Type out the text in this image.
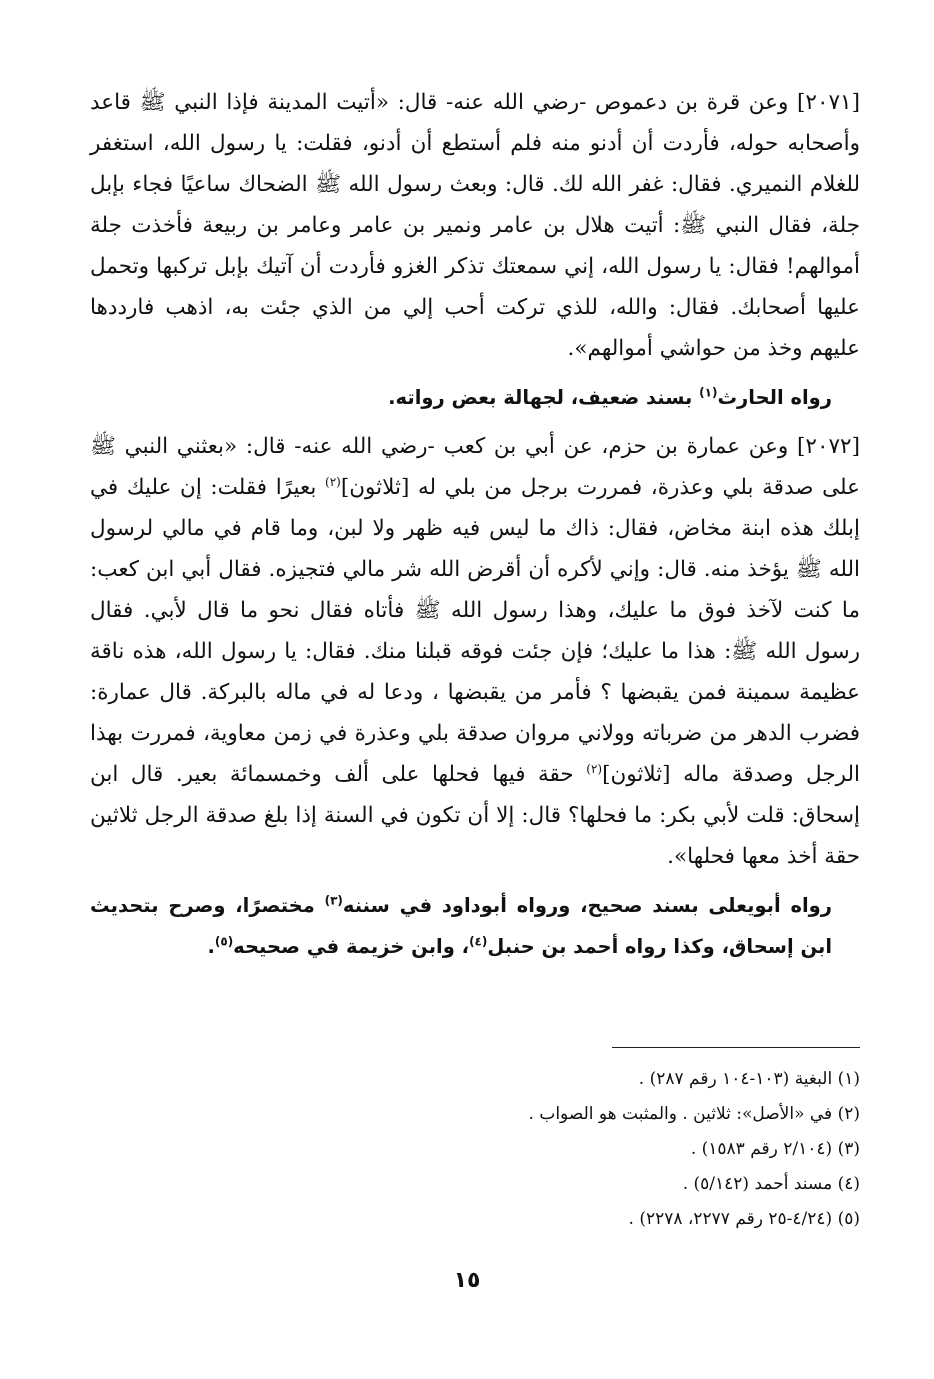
[٢٠٧١] وعن قرة بن دعموص -رضي الله عنه- قال: «أتيت المدينة فإذا النبي ﷺ قاعد وأصحابه حوله، فأردت أن أدنو منه فلم أستطع أن أدنو، فقلت: يا رسول الله، استغفر للغلام النميري. فقال: غفر الله لك. قال: وبعث رسول الله ﷺ الضحاك ساعيًا فجاء بإبل جلة، فقال النبي ﷺ: أتيت هلال بن عامر ونمير بن عامر وعامر بن ربيعة فأخذت جلة أموالهم! فقال: يا رسول الله، إني سمعتك تذكر الغزو فأردت أن آتيك بإبل تركبها وتحمل عليها أصحابك. فقال: والله، للذي تركت أحب إلي من الذي جئت به، اذهب فارددها عليهم وخذ من حواشي أموالهم».

رواه الحارث$^{(١)}$ بسند ضعيف، لجهالة بعض رواته.

[٢٠٧٢] وعن عمارة بن حزم، عن أبي بن كعب -رضي الله عنه- قال: «بعثني النبي ﷺ على صدقة بلي وعذرة، فمررت برجل من بلي له [ثلاثون]$^{(٢)}$ بعيرًا فقلت: إن عليك في إبلك هذه ابنة مخاض، فقال: ذاك ما ليس فيه ظهر ولا لبن، وما قام في مالي لرسول الله ﷺ يؤخذ منه. قال: وإني لأكره أن أقرض الله شر مالي فتجيزه. فقال أبي ابن كعب: ما كنت لآخذ فوق ما عليك، وهذا رسول الله ﷺ فأتاه فقال نحو ما قال لأبي. فقال رسول الله ﷺ: هذا ما عليك؛ فإن جئت فوقه قبلنا منك. فقال: يا رسول الله، هذه ناقة عظيمة سمينة فمن يقبضها ؟ فأمر من يقبضها ، ودعا له في ماله بالبركة. قال عمارة: فضرب الدهر من ضرباته وولاني مروان صدقة بلي وعذرة في زمن معاوية، فمررت بهذا الرجل وصدقة ماله [ثلاثون]$^{(٢)}$ حقة فيها فحلها على ألف وخمسمائة بعير. قال ابن إسحاق: قلت لأبي بكر: ما فحلها؟ قال: إلا أن تكون في السنة إذا بلغ صدقة الرجل ثلاثين حقة أخذ معها فحلها».

رواه أبويعلى بسند صحيح، ورواه أبوداود في سننه$^{(٣)}$ مختصرًا، وصرح بتحديث ابن إسحاق، وكذا رواه أحمد بن حنبل$^{(٤)}$، وابن خزيمة في صحيحه$^{(٥)}$.

(١) البغية (١٠٣-١٠٤ رقم ٢٨٧) .

(٢) في «الأصل»: ثلاثين . والمثبت هو الصواب .

(٣) (٢/١٠٤ رقم ١٥٨٣) .

(٤) مسند أحمد (٥/١٤٢) .

(٥) (٤/٢٤-٢٥ رقم ٢٢٧٧، ٢٢٧٨) .

١٥
